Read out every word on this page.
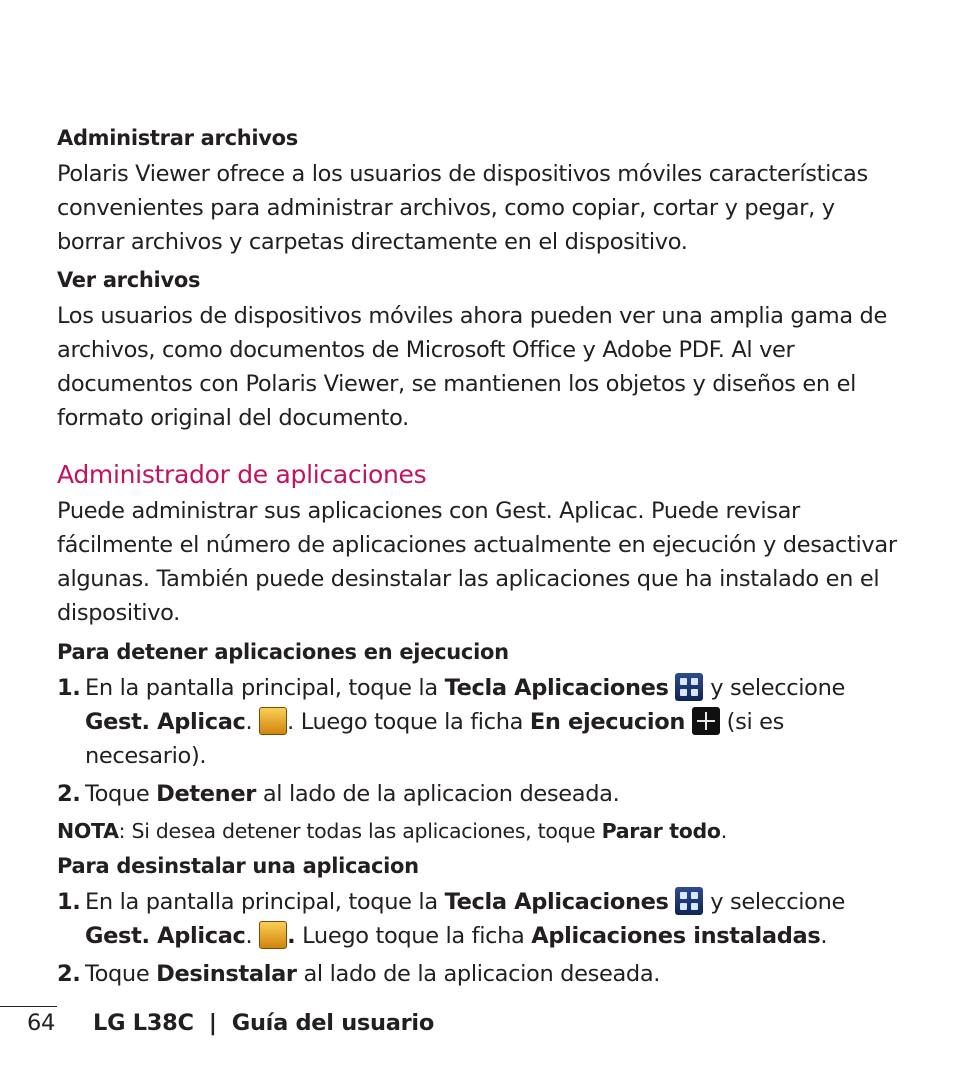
Administrar archivos

Polaris Viewer ofrece a los usuarios de dispositivos móviles características convenientes para administrar archivos, como copiar, cortar y pegar, y borrar archivos y carpetas directamente en el dispositivo.

Ver archivos

Los usuarios de dispositivos móviles ahora pueden ver una amplia gama de archivos, como documentos de Microsoft Office y Adobe PDF. Al ver documentos con Polaris Viewer, se mantienen los objetos y diseños en el formato original del documento.

Administrador de aplicaciones

Puede administrar sus aplicaciones con Gest. Aplicac. Puede revisar fácilmente el número de aplicaciones actualmente en ejecución y desactivar algunas. También puede desinstalar las aplicaciones que ha instalado en el dispositivo.

Para detener aplicaciones en ejecucion

1. En la pantalla principal, toque la Tecla Aplicaciones
y seleccione Gest. Aplicac. . Luego toque la ficha En ejecucion
(si es necesario).

2. Toque Detener al lado de la aplicacion deseada.

NOTA: Si desea detener todas las aplicaciones, toque Parar todo.

Para desinstalar una aplicacion

1. En la pantalla principal, toque la Tecla Aplicaciones
y seleccione Gest. Aplicac. . Luego toque la ficha Aplicaciones instaladas.

2. Toque Desinstalar al lado de la aplicacion deseada.

64 LG L38C  |  Guía del usuario
